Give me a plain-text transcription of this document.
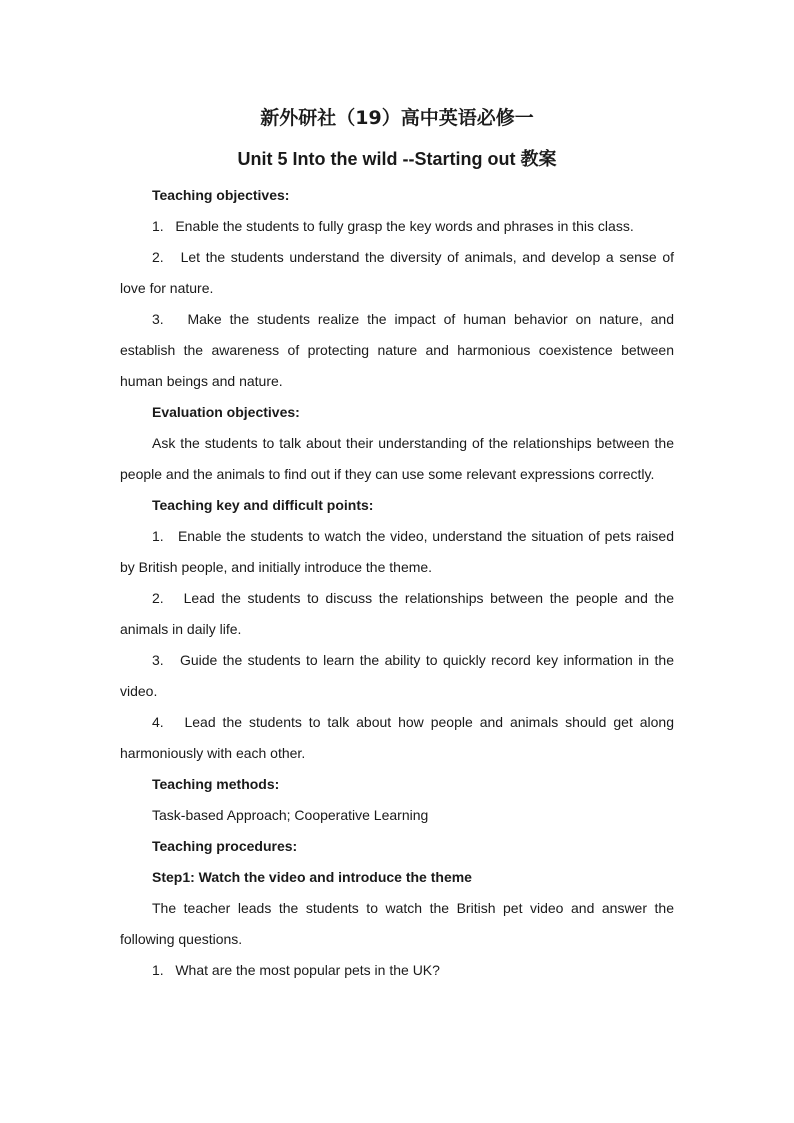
新外研社（19）高中英语必修一
Unit 5 Into the wild --Starting out 教案

Teaching objectives:

1.   Enable the students to fully grasp the key words and phrases in this class.

2.   Let the students understand the diversity of animals, and develop a sense of love for nature.

3.   Make the students realize the impact of human behavior on nature, and establish the awareness of protecting nature and harmonious coexistence between human beings and nature.

Evaluation objectives:

Ask the students to talk about their understanding of the relationships between the people and the animals to find out if they can use some relevant expressions correctly.

Teaching key and difficult points:

1.   Enable the students to watch the video, understand the situation of pets raised by British people, and initially introduce the theme.

2.   Lead the students to discuss the relationships between the people and the animals in daily life.

3.   Guide the students to learn the ability to quickly record key information in the video.

4.   Lead the students to talk about how people and animals should get along harmoniously with each other.

Teaching methods:

Task-based Approach; Cooperative Learning

Teaching procedures:

Step1: Watch the video and introduce the theme

The teacher leads the students to watch the British pet video and answer the following questions.

1.   What are the most popular pets in the UK?
